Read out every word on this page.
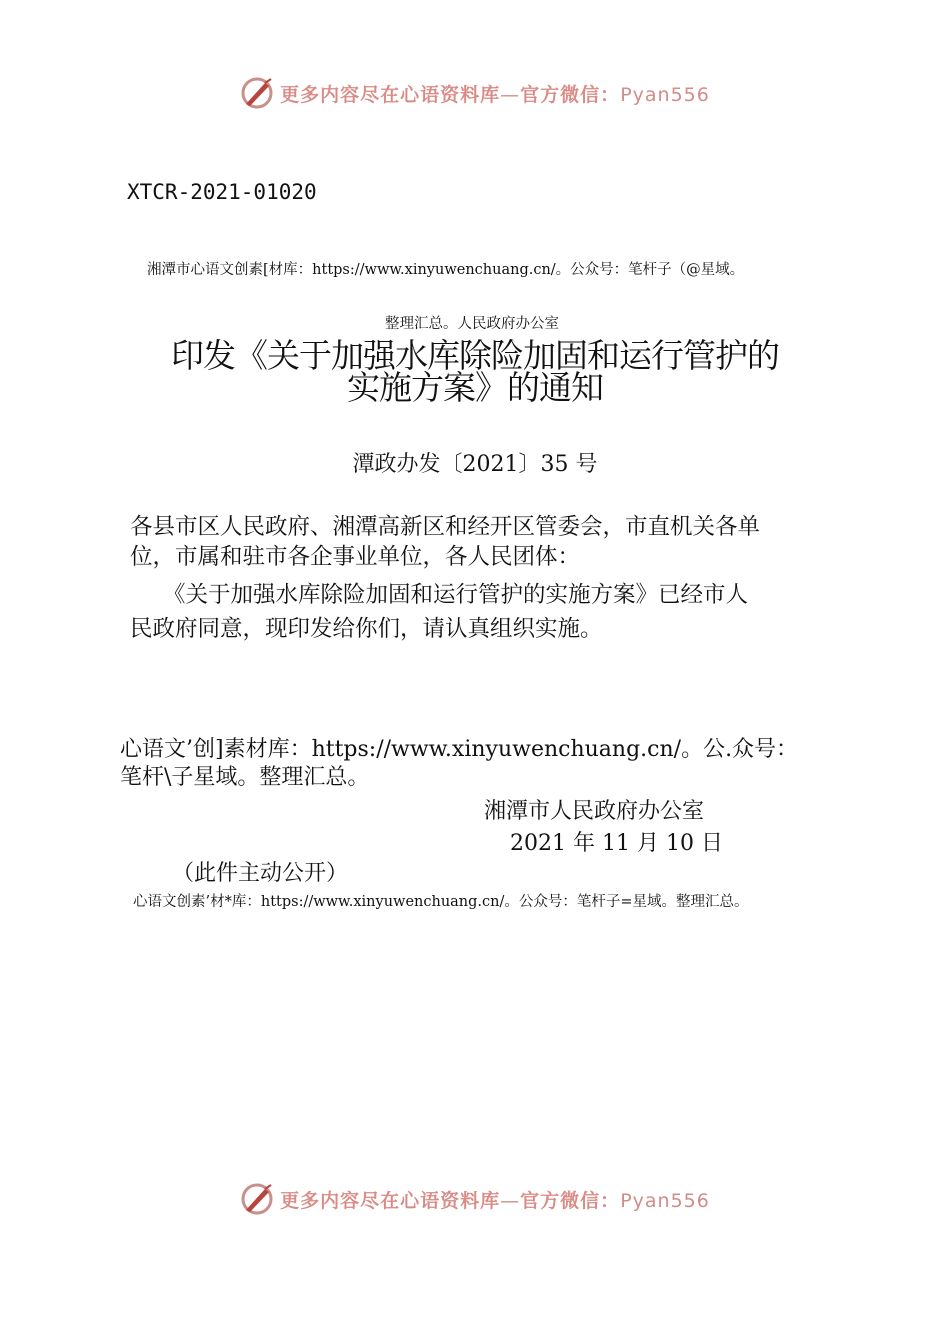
更多内容尽在心语资料库—官方微信：Pyan556
XTCR-2021-01020
湘潭市心语文创素[材库：https://www.xinyuwenchuang.cn/。公众号：笔杆子（@星域。
整理汇总。人民政府办公室
印发《关于加强水库除险加固和运行管护的
实施方案》的通知
潭政办发〔2021〕35 号
各县市区人民政府、湘潭高新区和经开区管委会，市直机关各单
位，市属和驻市各企事业单位，各人民团体：
《关于加强水库除险加固和运行管护的实施方案》已经市人
民政府同意，现印发给你们，请认真组织实施。
心语文’创]素材库：https://www.xinyuwenchuang.cn/。公.众号：
笔杆\子星域。整理汇总。
湘潭市人民政府办公室
2021 年 11 月 10 日
（此件主动公开）
心语文创素’材*库：https://www.xinyuwenchuang.cn/。公众号：笔杆子=星域。整理汇总。
更多内容尽在心语资料库—官方微信：Pyan556
